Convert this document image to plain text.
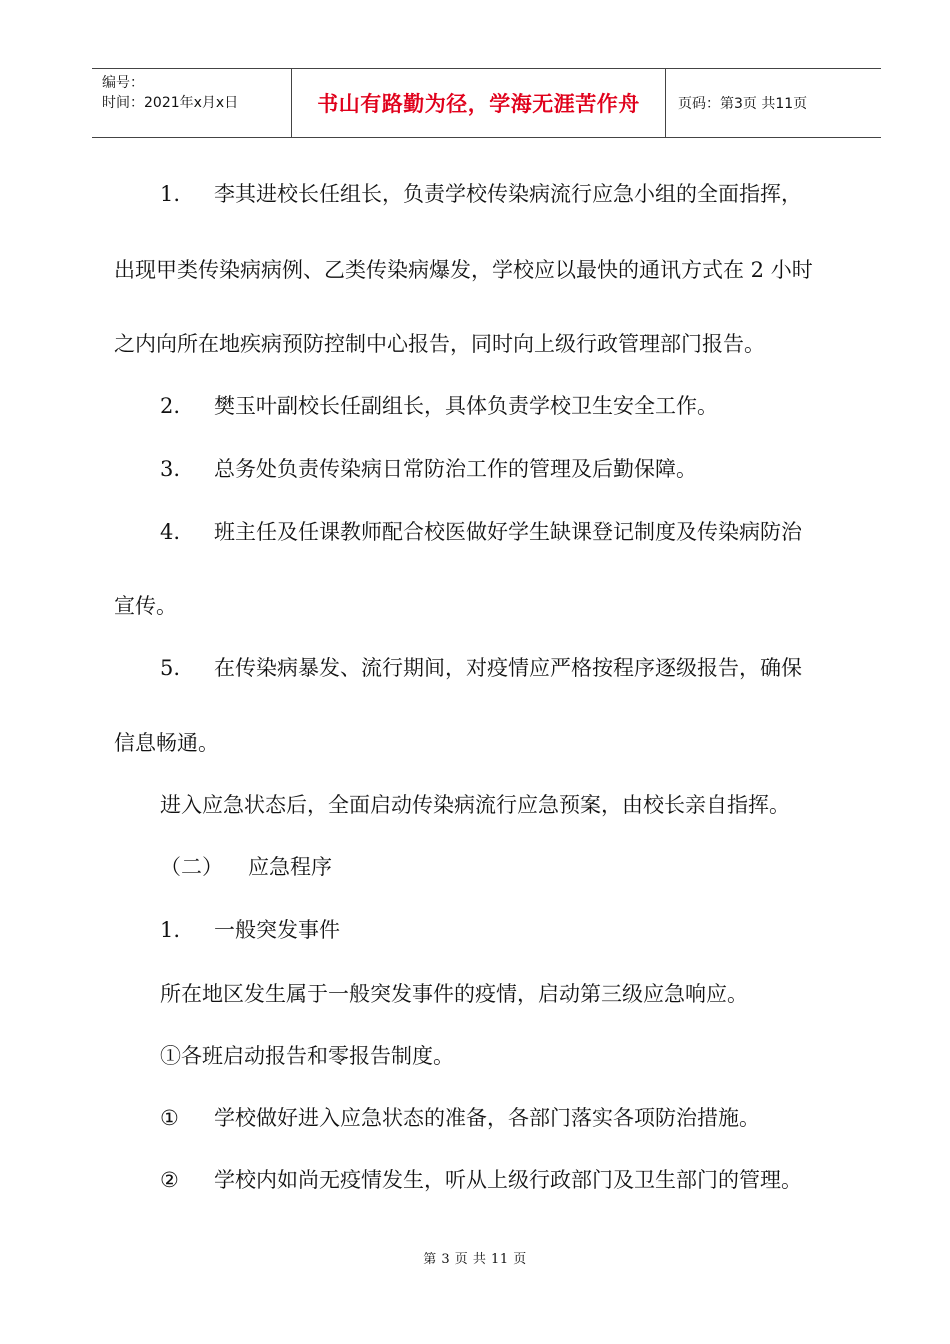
编号：
时间：2021年x月x日	书山有路勤为径，学海无涯苦作舟	页码：第3页 共11页
1. 李其进校长任组长，负责学校传染病流行应急小组的全面指挥，
出现甲类传染病病例、乙类传染病爆发，学校应以最快的通讯方式在 2 小时
之内向所在地疾病预防控制中心报告，同时向上级行政管理部门报告。
2. 樊玉叶副校长任副组长，具体负责学校卫生安全工作。
3. 总务处负责传染病日常防治工作的管理及后勤保障。
4. 班主任及任课教师配合校医做好学生缺课登记制度及传染病防治
宣传。
5. 在传染病暴发、流行期间，对疫情应严格按程序逐级报告，确保
信息畅通。
进入应急状态后，全面启动传染病流行应急预案，由校长亲自指挥。
（二） 应急程序
1. 一般突发事件
所在地区发生属于一般突发事件的疫情，启动第三级应急响应。
①各班启动报告和零报告制度。
① 学校做好进入应急状态的准备，各部门落实各项防治措施。
② 学校内如尚无疫情发生，听从上级行政部门及卫生部门的管理。
第 3 页 共 11 页
